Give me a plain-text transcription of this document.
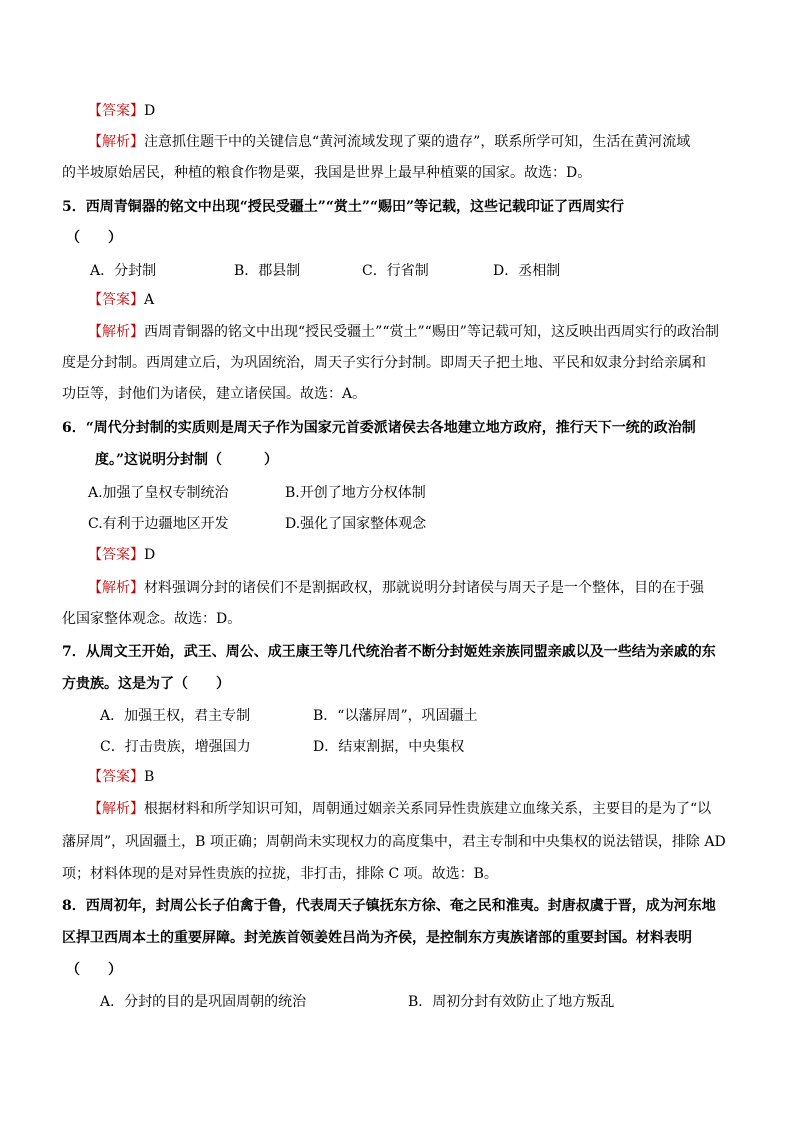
【答案】D
【解析】注意抓住题干中的关键信息“黄河流域发现了粟的遗存”，联系所学可知，生活在黄河流域
的半坡原始居民，种植的粮食作物是粟，我国是世界上最早种植粟的国家。故选：D。
5．西周青铜器的铭文中出现“授民受疆土”“赏土”“赐田”等记载，这些记载印证了西周实行
（　　）
A．分封制	B．郡县制	C．行省制	D．丞相制
【答案】A
【解析】西周青铜器的铭文中出现“授民受疆土”“赏土”“赐田”等记载可知，这反映出西周实行的政治制
度是分封制。西周建立后，为巩固统治，周天子实行分封制。即周天子把土地、平民和奴隶分封给亲属和
功臣等，封他们为诸侯，建立诸侯国。故选：A。
6．“周代分封制的实质则是周天子作为国家元首委派诸侯去各地建立地方政府，推行天下一统的政治制
度。”这说明分封制（　　　）
A.加强了皇权专制统治	B.开创了地方分权体制
C.有利于边疆地区开发	D.强化了国家整体观念
【答案】D
【解析】材料强调分封的诸侯们不是割据政权，那就说明分封诸侯与周天子是一个整体，目的在于强
化国家整体观念。故选：D。
7．从周文王开始，武王、周公、成王康王等几代统治者不断分封姬姓亲族同盟亲戚以及一些结为亲戚的东
方贵族。这是为了（　　）
A．加强王权，君主专制	B．“以藩屏周”，巩固疆土
C．打击贵族，增强国力	D．结束割据，中央集权
【答案】B
【解析】根据材料和所学知识可知，周朝通过姻亲关系同异性贵族建立血缘关系，主要目的是为了“以
藩屏周”，巩固疆土，B 项正确；周朝尚未实现权力的高度集中，君主专制和中央集权的说法错误，排除 AD
项；材料体现的是对异性贵族的拉拢，非打击，排除 C 项。故选：B。
8．西周初年，封周公长子伯禽于鲁，代表周天子镇抚东方徐、奄之民和淮夷。封唐叔虞于晋，成为河东地
区捍卫西周本土的重要屏障。封羌族首领姜姓吕尚为齐侯，是控制东方夷族诸部的重要封国。材料表明
（　　）
A．分封的目的是巩固周朝的统治	B．周初分封有效防止了地方叛乱
